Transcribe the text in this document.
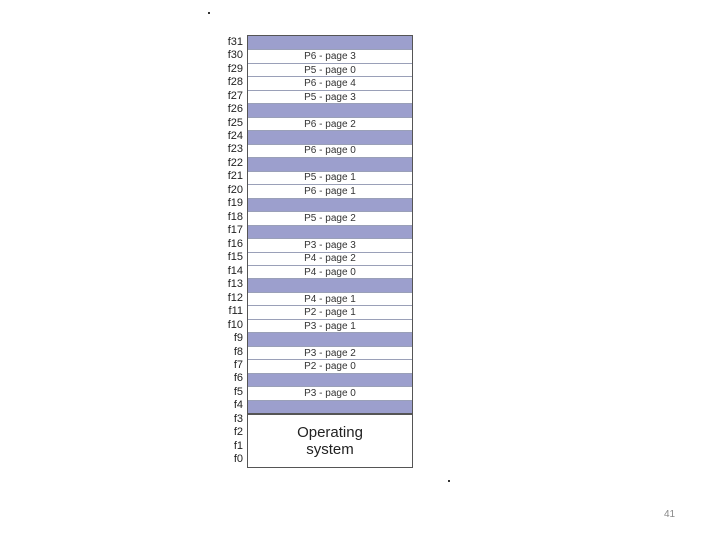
f31
f30
f29
f28
f27
f26
f25
f24
f23
f22
f21
f20
f19
f18
f17
f16
f15
f14
f13
f12
f11
f10
f9
f8
f7
f6
f5
f4
f3
f2
f1
f0
P6 - page 3
P5 - page 0
P6 - page 4
P5 - page 3
P6 - page 2
P6 - page 0
P5 - page 1
P6 - page 1
P5 - page 2
P3 - page 3
P4 - page 2
P4 - page 0
P4 - page 1
P2 - page 1
P3 - page 1
P3 - page 2
P2 - page 0
P3 - page 0
Operating
system
41
